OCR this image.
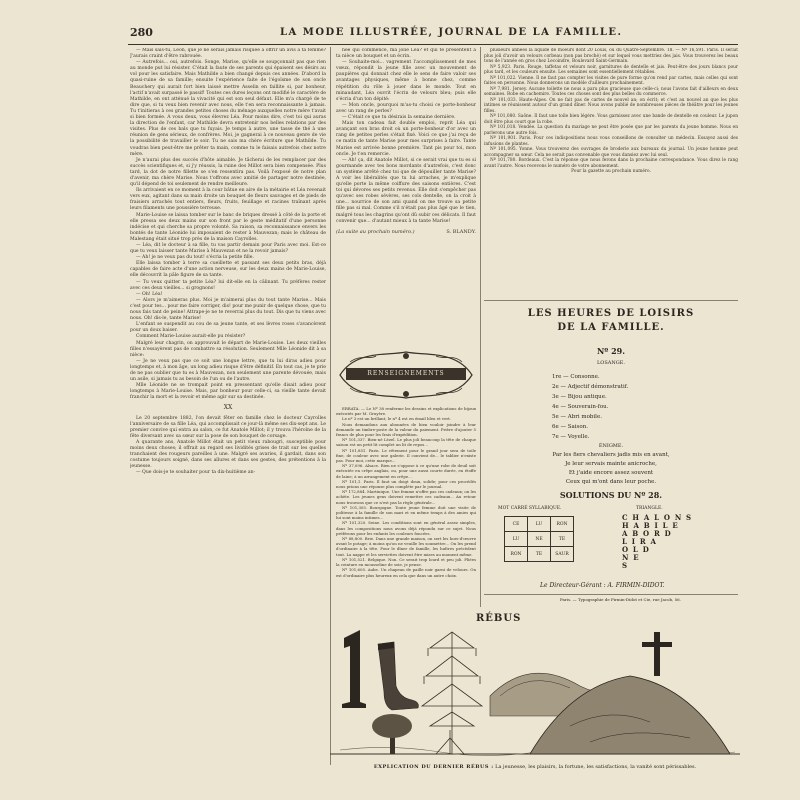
280	LA MODE ILLUSTRÉE, JOURNAL DE LA FAMILLE.

— Mais sais-tu, Léon, que je ne serais jamais risquée à offrir un avis à ta femme? J'aurais craint d'être rabrouée.

— Autrefois... oui, autrefois. Songe, Marise, qu'elle se soupçonnait pas que rien au monde put lui résister. C'était la faute de ses parents qui épaisent ses désirs au vol pour les satisfaire. Mais Mathilde a bien changé depuis ces années. D'abord la quasi-ruine de sa famille; ensuite l'expérience faite de l'égoïsme de son oncle Beauchery qui aurait fort bien laissé mettre Asselin en faillite si, par bonheur, l'actif n'avait surpassé le passif! Toutes ces dures leçons ont modifié le caractère de Mathilde, en ont atténué la vivacité qui est son seul défaut. Elle m'a chargé de te dire que, si tu veux bien revenir avec nous, elle t'en sera reconnaissante à jamais. Tu t'initieras à ces grandes petites choses du ménage auxquelles notre mère t'avait si bien formée. A vous deux, vous élevrez Léa. Pour moins dire, c'est toi qui auras la direction de l'enfant, car Mathilde devra entretenir nos belles relations par des visites. Plus de ces bals que tu fuyais. Je temps à autre, une tasse de thé à une réunion de gens sérieux, de confrères. Moi, je gagnerai à ce nouveau genre de vie la possibilité de travailler le soir. Tu ne sais ma chère écriture que Mathilde. Tu voudras bien peut-être me prêter ta main, comme tu le faisais autrefois chez notre mère.

Je n'aurai plus des succès d'hôte aimable. Je tâcherai de les remplacer par des succès scientifiques et, si j'y réussis, la ruine des Millot sera bien compensée. Plus tard, la dot de notre fillette se s'en ressentira pas. Voilà l'exposé de notre plan d'avenir, ma chère Marise. Nous t'offrons avec amitié de partager notre destinée, qu'il dépend de toi seulement de rendre meilleure.

Ils arrivaient en ce moment à la cour bâtue en aire de la métairie et Léa revenait vers eux, agitant dans sa main droite un bouquet de fleurs sauvages et de pieds de fraisiers arrachés tout entiers, fleurs, fruits, feuillage et racines traînant après leurs filaments une poussière terreuse.

Marie-Louise se laissa tomber sur le banc de briques dressé à côté de la porte et elle pressa ses deux mains sur son front par le geste méditatif d'une personne indécise et qui cherche sa propre volonté. Sa raison, sa reconnaissance envers les bontés de tante Léonide lui imposaient de rester à Mauvezan; mais le château de Malestang était situé trop près de la maison Cayrolles.

— Léa, dit le docteur à sa fille, tu vas partir demain pour Paris avec moi. Est-ce que tu veux laisser tante Marise à Mauvezan et ne la revoir jamais?

— Ah! je ne veux pas du tout! s'écria la petite fille.

Elle laissa tomber à terre sa cueillette et passant ses deux petits bras, déjà capables de faire acte d'une action nerveuse, sur les deux mains de Marie-Louise, elle découvrit la pâle figure de sa tante.

— Tu veux quitter ta petite Léa? lui dit-elle en la câlinant. Tu préfères rester avec ces deux vieilles... si grognons!

— Oh! Léa!

— Alors je m'aimeras plus. Moi je m'aimerai plus du tout tante Marise... Mais c'est pour tes... pour me faire corriger, dis! pour me punir de quelque chose, que tu nous fais tant de peine! Attrape-je ne te reverrai plus du tout. Dis que tu viens avec nous. Oh! dis-le, tante Marise!

L'enfant se suspendit au cou de sa jeune tante, et ses lèvres roses s'avancèrent pour un doux baiser.

Comment Marie-Louise aurait-elle pu résister?

Malgré leur chagrin, on approuvait le départ de Marie-Louise. Les deux vieilles filles n'essayèrent pas de combattre sa résolution. Seulement Mlle Léonide dit à sa nièce:

— Je ne veux pas que ce soit une longue lettre, que tu lui diras adieu pour longtemps et, à mon âge, un long adieu risque d'être définitif. En tout cas, je te prie de ne pas oublier que tu es à Mauvezan, non seulement une parente dévouée, mais un asile, si jamais tu as besoin de l'un ou de l'autre.

Mlle Léonide ne se trompait point en pressentant qu'elle disait adieu pour longtemps à Marie-Louise. Mais, par bonheur pour celle-ci, sa vieille tante devait franchir la mort et la revoir et même agir sur sa destinée.

XX

Le 20 septembre 1882, l'on devait fêter en famille chez le docteur Cayrolles l'anniversaire de sa fille Léa, qui accomplissait ce jour-là même ses dix-sept ans. Le premier convive qui entra au salon, ce fut Anatole Millot; il y trouva l'héroïne de la fête diversant avec sa sœur sur la pose de son bouquet de corsage.

A quarante ans, Anatole Millot était un petit vieux rabougri, susceptible pour moins deux choses; il offrait au regard ses lividités grises de trait sur les quelles tranchaient des rougeurs pareilles à une. Malgré ses avaries, il gardait, dans son costume toujours soigné, dans ses allures et dans ses gestes, des prétentions à la jeunesse.

— Que dois-je te souhaiter pour ta dix-huitième an-

née qui commence, ma jolie Léa? et qui te présentent à ta nièce un bouquet et un écrin.

— Souhaite-moi... vagrement l'accomplissement de mes vœux, répondit la jeune fille avec un mouvement de paupières qui donnait chez elle le sens de faire valoir ses avantages physiques, même à bonne chez, comme répétition du rôle à jouer dans le monde. Tout en minaudant, Léa ouvrit l'écrin de velours bleu; puis elle s'écria d'un ton dépité:

— Mon oncle, pourquoi m'as-tu choisi ce porte-bonheur avec un rang de perles?

— C'était ce que tu désirais la semaine dernière.

Mais ton cadeau fait double emploi, reprit Léa qui avançant son bras droit où un porte-bonheur d'or avec un rang de petites perles s'était fixé. Voici ce que j'ai reçu de ce matin de tante Marise pour mes surprises à faire. Tante Marise est arrivée bonne première. Tant pis pour toi, mon oncle. Je t'en remercie.

— Ah! ça, dit Anatole Millot, si ce serait vrai que tu es si gourmande avec tes bons mordants d'autrefois, c'est donc un système arrêté chez toi que de dépouiller tante Marise? A voir les libéralités que tu lui arraches, je m'explique qu'elle porte la même coiffure des saisons entières. C'est toi qui dévores ses petits revenus. Elle doit s'empêcher pas qu'avec ses robes sévères, ses cols dentelle, on la croit à une... nourrice de son ami quand on me trouve sa petite fille pas si mal. Comme s'il n'était pas plus âgé que le tien, malgré tous les chagrins qu'ont dû subir ces délicats. Il faut convenir que... d'autant mieux à ta tante Marise!

(La suite au prochain numéro.)	S. BLANDY.
RENSEIGNEMENTS

ERRATA. — Le Nº 38 renferme les dessins et explications de bijoux exécutés par M. Gruyère.

Le nº 3 est un brillant; le nº 4 est en émail bleu et vert.

Nous demandons aux abonnées de bien vouloir joindre à leur demande un timbre-poste de la valeur du paiement. Prière d'ajouter 5 francs de plus pour les frais d'expédition.

Nº 101,337. Bien-né Lézel. Le plus joli beaucoup la tête de chaque saison est un petit lit complet un lit de repos...

Nº 101,851. Paris. Le vêtement pour le grand jour sera de toile fine, de couleur avec une galerie. Il convient de... le tablier n'existe pas. Pour moi, cette marque...

Nº 37,096. Alsace. Rien ne s'oppose à ce qu'une robe de deuil soit exécutée en crêpe anglais, ou, pour une aussi courte durée, en étoffe de laine; à un arrangement en crêpe...

Nº 101,1. Paris. Il faut un doigt doux, solide; pour ces procédés nous prions une réponse plus complète par le journal.

Nº 172,884. Martinique. Une femme n'offre pas ces cadeaux; on les achète. Les jeunes gens doivent remettre ces cadeaux... Au retour nous trouvons que ce n'est pas la règle générale...

Nº 101,305. Bourgogne. Toute jeune femme doit une visite de politesse à la famille de son mari et en même temps à des amies qui lui sont moins intimes...

Nº 101,320. Seine. Les conditions sont en général assez simples, dans les compositions nous avons déjà répondu sur ce sujet. Nous préférons pour les enfants les couleurs foncées.

Nº 88,800. Brie. Dans une grande maison, on sert les hors-d'œuvre avant le potage; à moins qu'on ne veuille les soumettre... On les prend d'ordinaire à la tête. Pour le dîner de famille, les huîtres précèdent tout. La nappe et les serviettes doivent être mises au moment même.

Nº 101,521. Belgique. Non. Ce serait trop lourd et peu joli. Pliées la ceinture en mousseline de soie, je pense.

Nº 101,605. Aube. Un chapeau de paille noir garni de velours. On est d'ordinaire plus heureux en cela que dans un autre choix.

plusieurs années la liquide de moeurs dont 20 Louis, ou du Quatre-Septembre. 18. — Nº 16,591. Paris. Il serait plus joli d'avoir un velours corbeau (non pas broché) et sur lequel vous mettriez des jais. Vous trouverez les beaux tons de l'année en gros chez Lecoindre, Boulevard Saint-Germain.

Nº 5,923. Paris. Rouge, taffetas et velours noir, garnitures de dentelle et jais. Peut-être des jours blancs pour plus tard, et les couleurs ensuite. Les semaines sont essentiellement rétablies.

Nº 101,022. Vienne. Il ne faut pas compter les visites de pure forme qu'on rend par cartes, mais celles qui sont faites en personne. Nous donnerons un modèle d'ailleurs prochainement.

Nº 7,981. Jersey. Aucune toilette ne nous a paru plus gracieuse que celle-ci; nous l'avons fait d'ailleurs en deux semaines. Robe en cachemire. Toutes ces choses sont des plus belles du commerce.

Nº 101,033. Haute-Alpes. On ne fait pas de cartes de nouvel an; on écrit; et c'est au nouvel an que les plus intimes se réunissent autour d'un grand dîner. Nous avons publié de nombreuses pièces de théâtre pour les jeunes filles.

Nº 101,080. Saône. Il faut une toile bien légère. Vous garnissez avec une bande de dentelle en couleur. Le jupon doit être plus court que la robe.

Nº 101,018. Vendée. La question du mariage ne peut être posée que par les parents du jeune homme. Nous en parlerons une autre fois.

Nº 101,901. Paris. Pour ces indispositions nous vous conseillons de consulter un médecin. Essayez aussi des infusions de plantes.

Nº 101,095. Yonne. Vous trouverez des ouvrages de broderie aux bureaux du journal. Un jeune homme peut accompagner sa sœur. Cela ne serait pas convenable que vous dansiez avec lui seul.

Nº 101,780. Bordeaux. C'est la réponse que nous ferons dans la prochaine correspondance. Vous direz le rang avant l'autre. Nous recevons le numéro de votre abonnement.

Pour la gazette au prochain numéro.

LES HEURES DE LOISIRS
DE LA FAMILLE.
Nº 29.
LOSANGE.
1re — Consonne.
2e — Adjectif démonstratif.
3e — Bijou antique.
4e — Souverain-fou.
5e — Abri mobile.
6e — Saison.
7e — Voyelle.
ÉNIGME.
Par les fiers chevaliers jadis mis en avant,
Je leur servais mainte anicroche,
Et j'aide encore assez souvent
Ceux qui m'ont dans leur poche.
SOLUTIONS DU Nº 28.
MOT CARRÉ SYLLABIQUE.	TRIANGLE.
CE	LU	RON
LU	NE	TE
RON	TE	SAUR
C H A L O N S
H A B I L E
A B O R D
L I R A
O L D
N E
S
Le Directeur-Gérant : A. FIRMIN-DIDOT.
Paris. — Typographie de Firmin-Didot et Cie, rue Jacob, 56.
RÉBUS
EXPLICATION DU DERNIER RÉBUS : La jeunesse, les plaisirs, la fortune, les satisfactions, la vanité sont périssables.
